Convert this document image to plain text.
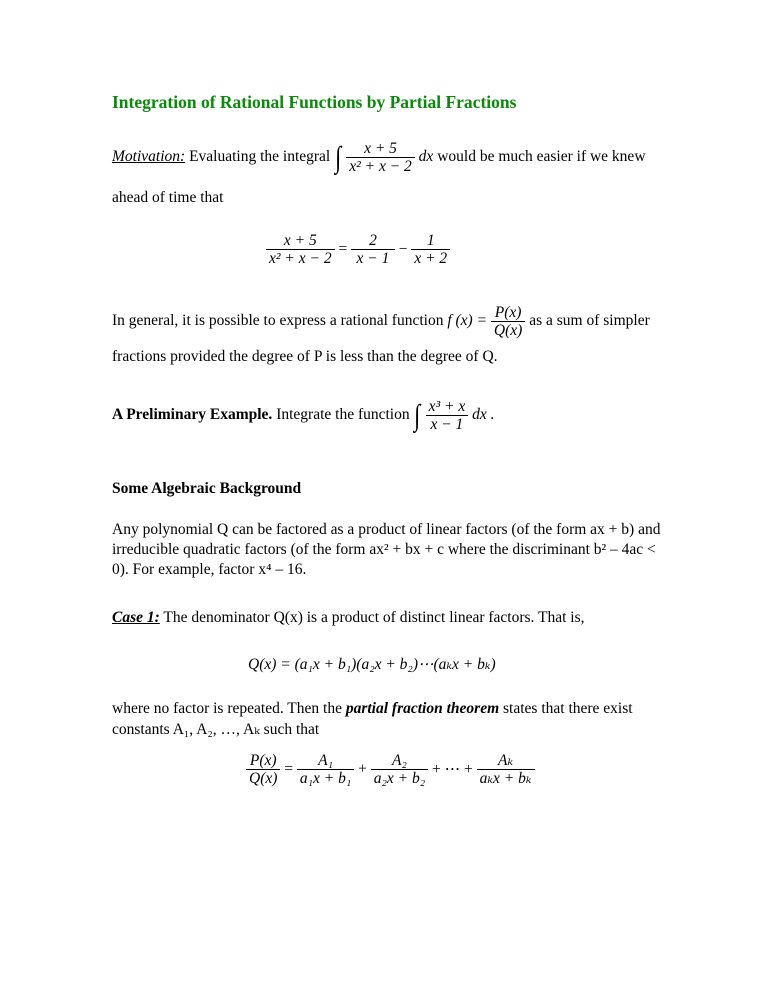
Integration of Rational Functions by Partial Fractions
Motivation: Evaluating the integral ∫ $\frac{x + 5}{\text{x² + x − 2}}$ dx would be much easier if we knew
ahead of time that
$\frac{x + 5}{\text{x² + x − 2}} = \frac{2}{x - 1} - \frac{1}{x + 2}$
In general, it is possible to express a rational function f $(x) = \frac{P(x)}{Q(x)}$ as a sum of simpler
fractions provided the degree of P is less than the degree of Q.
A Preliminary Example. Integrate the function ∫ $\frac{\text{x³ + x}}{x - 1}$ dx .
Some Algebraic Background
Any polynomial Q can be factored as a product of linear factors (of the form ax + b) and irreducible quadratic factors (of the form ax² + bx + c where the discriminant b² – 4ac < 0). For example, factor x⁴ – 16.
Case 1: The denominator Q(x) is a product of distinct linear factors. That is,
Q(x) = (a₁x + b₁)(a₂x + b₂)⋯(aₖx + bₖ)
where no factor is repeated. Then the partial fraction theorem states that there exist
constants A₁, A₂, …, Aₖ such that
$\frac{P(x)}{Q(x)} = \frac{\text{A₁}}{\text{a₁x + b₁}} + \frac{\text{A₂}}{\text{a₂x + b₂}}$ + ⋯ + $\frac{\text{Aₖ}}{\text{aₖx + bₖ}}$
